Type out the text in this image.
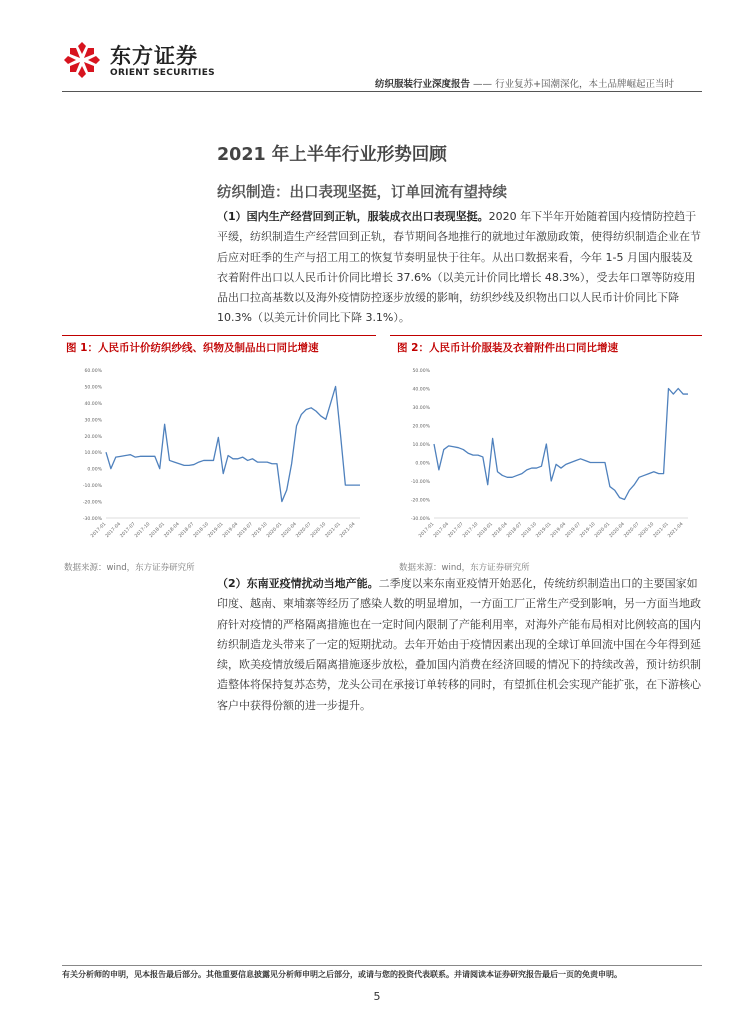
东方证券
ORIENT SECURITIES
纺织服装行业深度报告 —— 行业复苏+国潮深化，本土品牌崛起正当时
2021 年上半年行业形势回顾
纺织制造：出口表现坚挺，订单回流有望持续
（1）国内生产经营回到正轨，服装成衣出口表现坚挺。2020 年下半年开始随着国内疫情防控趋于平缓，纺织制造生产经营回到正轨，春节期间各地推行的就地过年激励政策，使得纺织制造企业在节后应对旺季的生产与招工用工的恢复节奏明显快于往年。从出口数据来看，今年 1-5 月国内服装及衣着附件出口以人民币计价同比增长 37.6%（以美元计价同比增长 48.3%），受去年口罩等防疫用品出口拉高基数以及海外疫情防控逐步放缓的影响，纺织纱线及织物出口以人民币计价同比下降 10.3%（以美元计价同比下降 3.1%）。
图 1：人民币计价纺织纱线、织物及制品出口同比增速	图 2：人民币计价服装及衣着附件出口同比增速
60.00%
50.00%
40.00%
30.00%
20.00%
10.00%
0.00%
-10.00%
-20.00%
-30.00%
2017-01
2017-04
2017-07
2017-10
2018-01
2018-04
2018-07
2018-10
2019-01
2019-04
2019-07
2019-10
2020-01
2020-04
2020-07
2020-10
2021-01
2021-04
50.00%
40.00%
30.00%
20.00%
10.00%
0.00%
-10.00%
-20.00%
-30.00%
2017-01
2017-04
2017-07
2017-10
2018-01
2018-04
2018-07
2018-10
2019-01
2019-04
2019-07
2019-10
2020-01
2020-04
2020-07
2020-10
2021-01
2021-04
数据来源：wind，东方证券研究所	数据来源：wind，东方证券研究所
（2）东南亚疫情扰动当地产能。二季度以来东南亚疫情开始恶化，传统纺织制造出口的主要国家如印度、越南、柬埔寨等经历了感染人数的明显增加，一方面工厂正常生产受到影响，另一方面当地政府针对疫情的严格隔离措施也在一定时间内限制了产能利用率，对海外产能布局相对比例较高的国内纺织制造龙头带来了一定的短期扰动。去年开始由于疫情因素出现的全球订单回流中国在今年得到延续，欧美疫情放缓后隔离措施逐步放松，叠加国内消费在经济回暖的情况下的持续改善，预计纺织制造整体将保持复苏态势，龙头公司在承接订单转移的同时，有望抓住机会实现产能扩张，在下游核心客户中获得份额的进一步提升。
有关分析师的申明，见本报告最后部分。其他重要信息披露见分析师申明之后部分，或请与您的投资代表联系。并请阅读本证券研究报告最后一页的免责申明。
5
